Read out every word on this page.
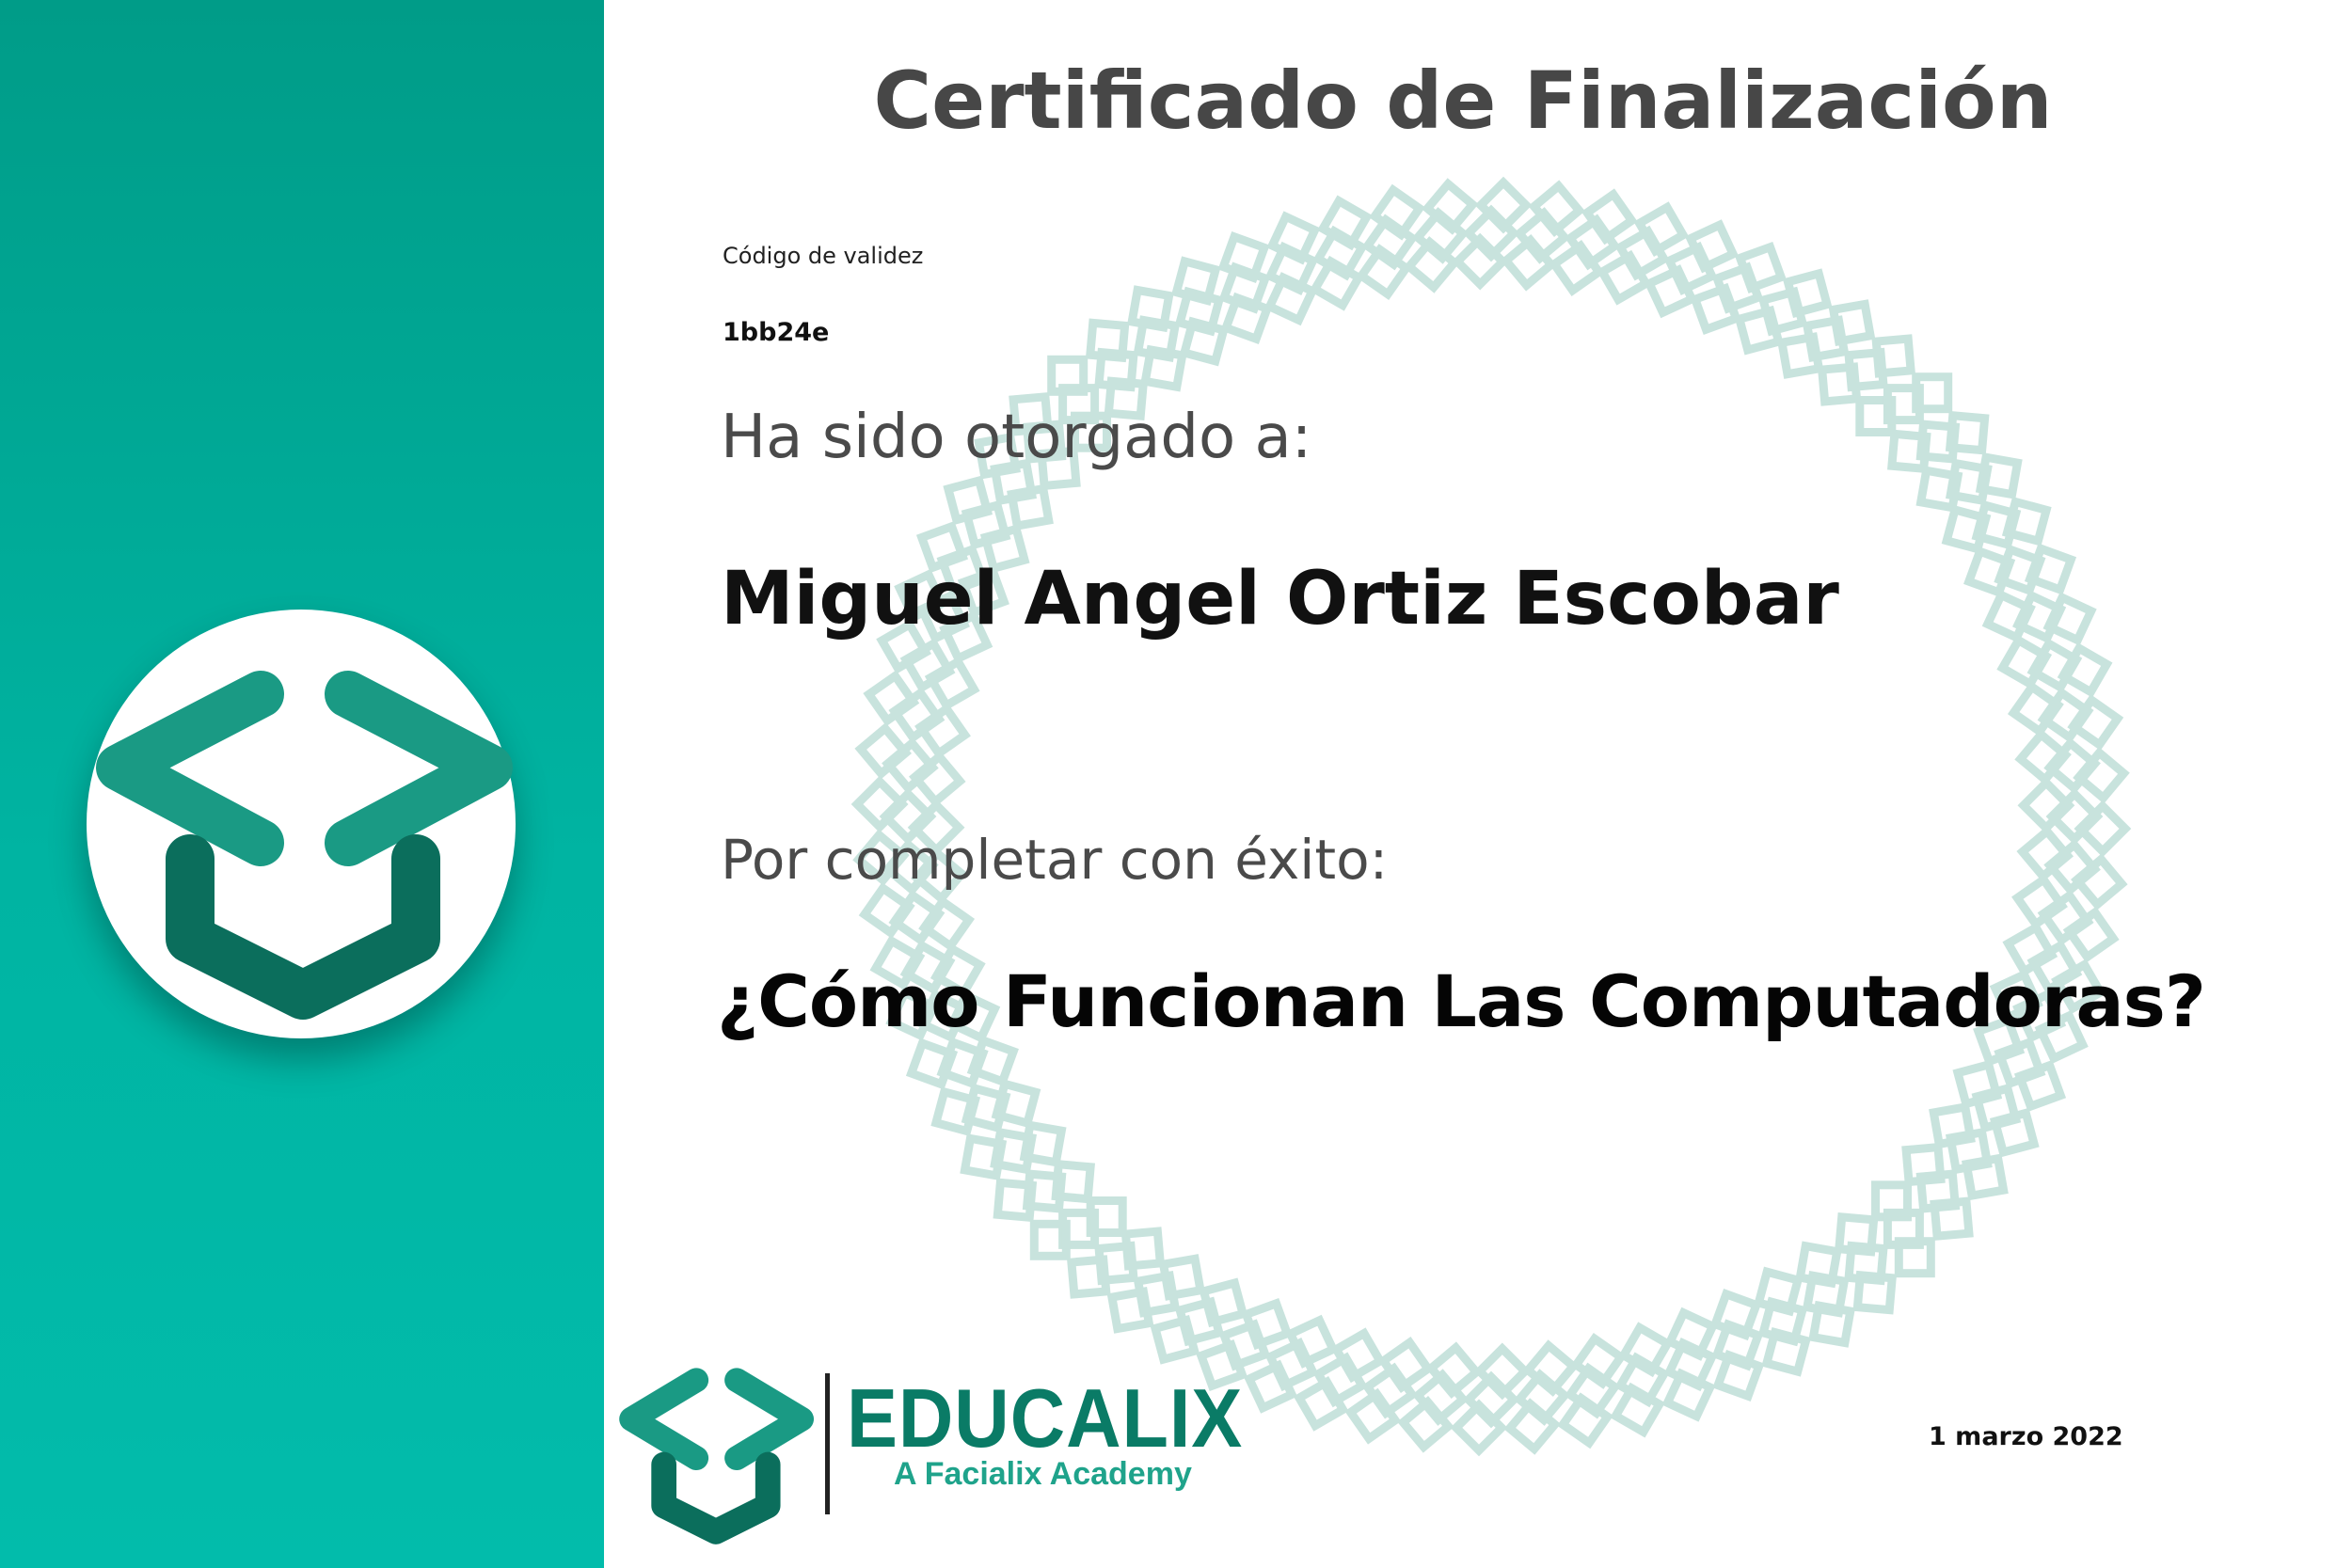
Certificado de Finalización
Código de validez
1bb24e
Ha sido otorgado a:
Miguel Angel Ortiz Escobar
Por completar con éxito:
¿Cómo Funcionan Las Computadoras?
EDUCALIX
A Facialix Academy
1 marzo 2022
